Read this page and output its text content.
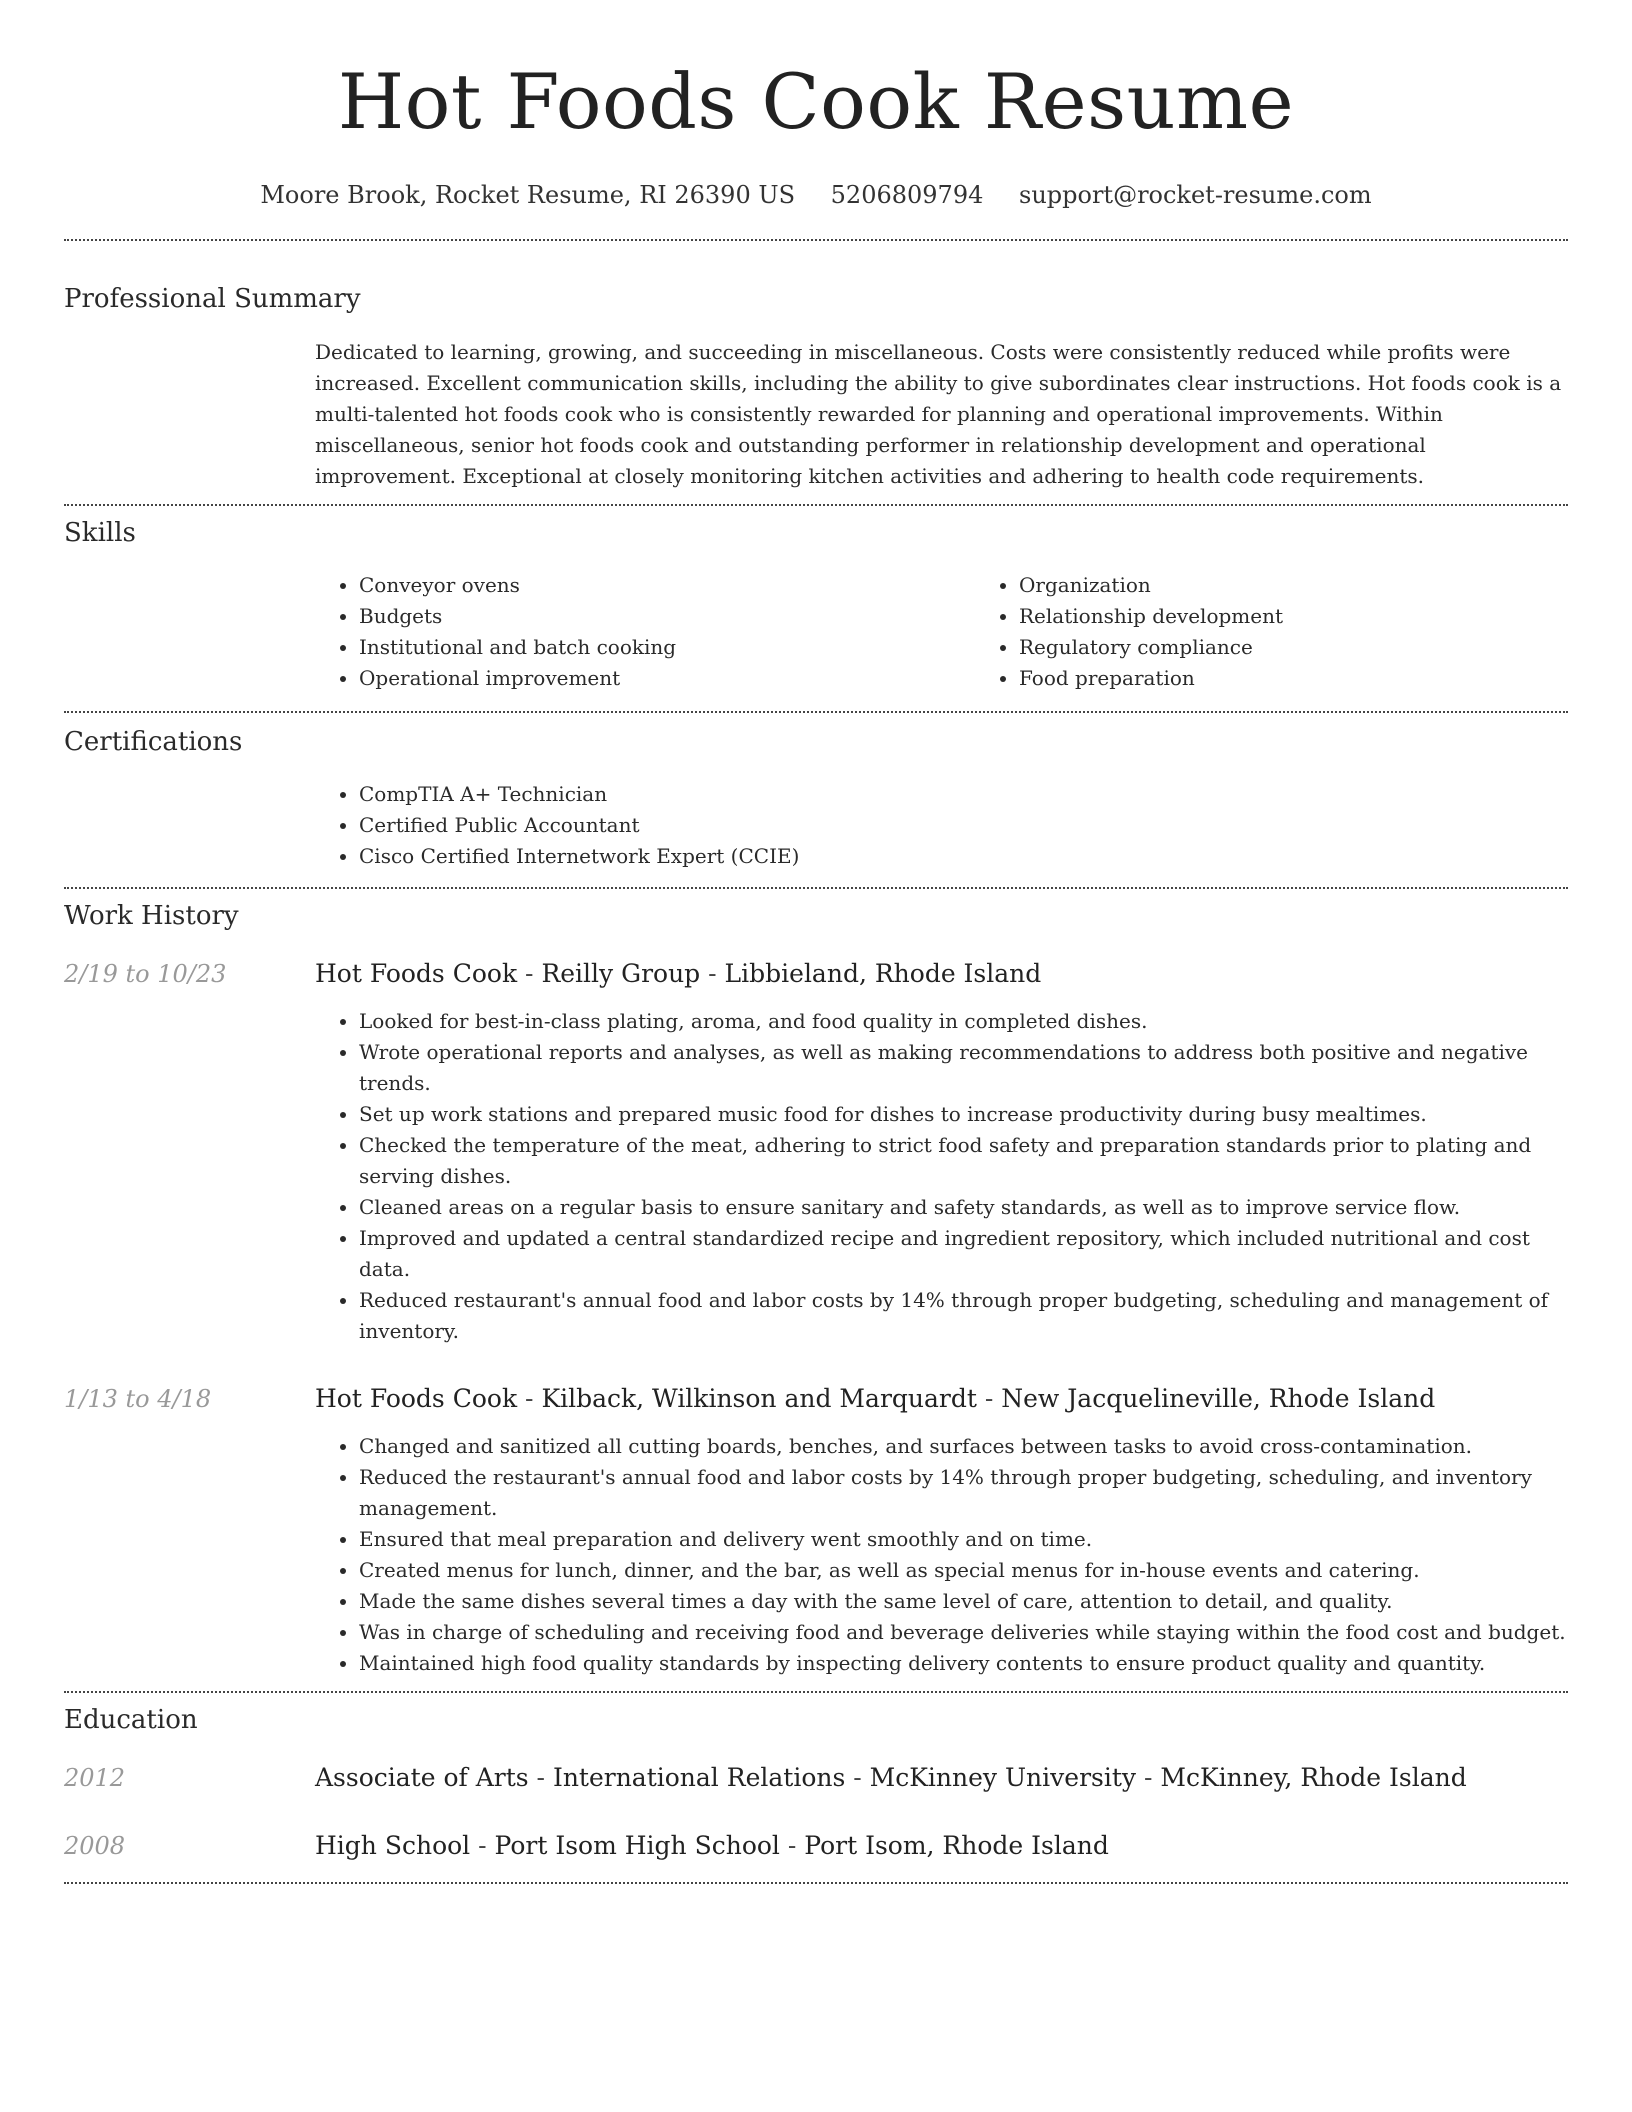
Hot Foods Cook Resume
Moore Brook, Rocket Resume, RI 26390 US 5206809794 support@rocket-resume.com
Professional Summary
Dedicated to learning, growing, and succeeding in miscellaneous. Costs were consistently reduced while profits were increased. Excellent communication skills, including the ability to give subordinates clear instructions. Hot foods cook is a multi-talented hot foods cook who is consistently rewarded for planning and operational improvements. Within miscellaneous, senior hot foods cook and outstanding performer in relationship development and operational improvement. Exceptional at closely monitoring kitchen activities and adhering to health code requirements.
Skills
• Conveyor ovens
• Budgets
• Institutional and batch cooking
• Operational improvement
• Organization
• Relationship development
• Regulatory compliance
• Food preparation
Certifications
• CompTIA A+ Technician
• Certified Public Accountant
• Cisco Certified Internetwork Expert (CCIE)
Work History
2/19 to 10/23	Hot Foods Cook - Reilly Group - Libbieland, Rhode Island
• Looked for best-in-class plating, aroma, and food quality in completed dishes.
• Wrote operational reports and analyses, as well as making recommendations to address both positive and negative trends.
• Set up work stations and prepared music food for dishes to increase productivity during busy mealtimes.
• Checked the temperature of the meat, adhering to strict food safety and preparation standards prior to plating and serving dishes.
• Cleaned areas on a regular basis to ensure sanitary and safety standards, as well as to improve service flow.
• Improved and updated a central standardized recipe and ingredient repository, which included nutritional and cost data.
• Reduced restaurant's annual food and labor costs by 14% through proper budgeting, scheduling and management of inventory.
1/13 to 4/18	Hot Foods Cook - Kilback, Wilkinson and Marquardt - New Jacquelineville, Rhode Island
• Changed and sanitized all cutting boards, benches, and surfaces between tasks to avoid cross-contamination.
• Reduced the restaurant's annual food and labor costs by 14% through proper budgeting, scheduling, and inventory management.
• Ensured that meal preparation and delivery went smoothly and on time.
• Created menus for lunch, dinner, and the bar, as well as special menus for in-house events and catering.
• Made the same dishes several times a day with the same level of care, attention to detail, and quality.
• Was in charge of scheduling and receiving food and beverage deliveries while staying within the food cost and budget.
• Maintained high food quality standards by inspecting delivery contents to ensure product quality and quantity.
Education
2012	Associate of Arts - International Relations - McKinney University - McKinney, Rhode Island
2008	High School - Port Isom High School - Port Isom, Rhode Island
